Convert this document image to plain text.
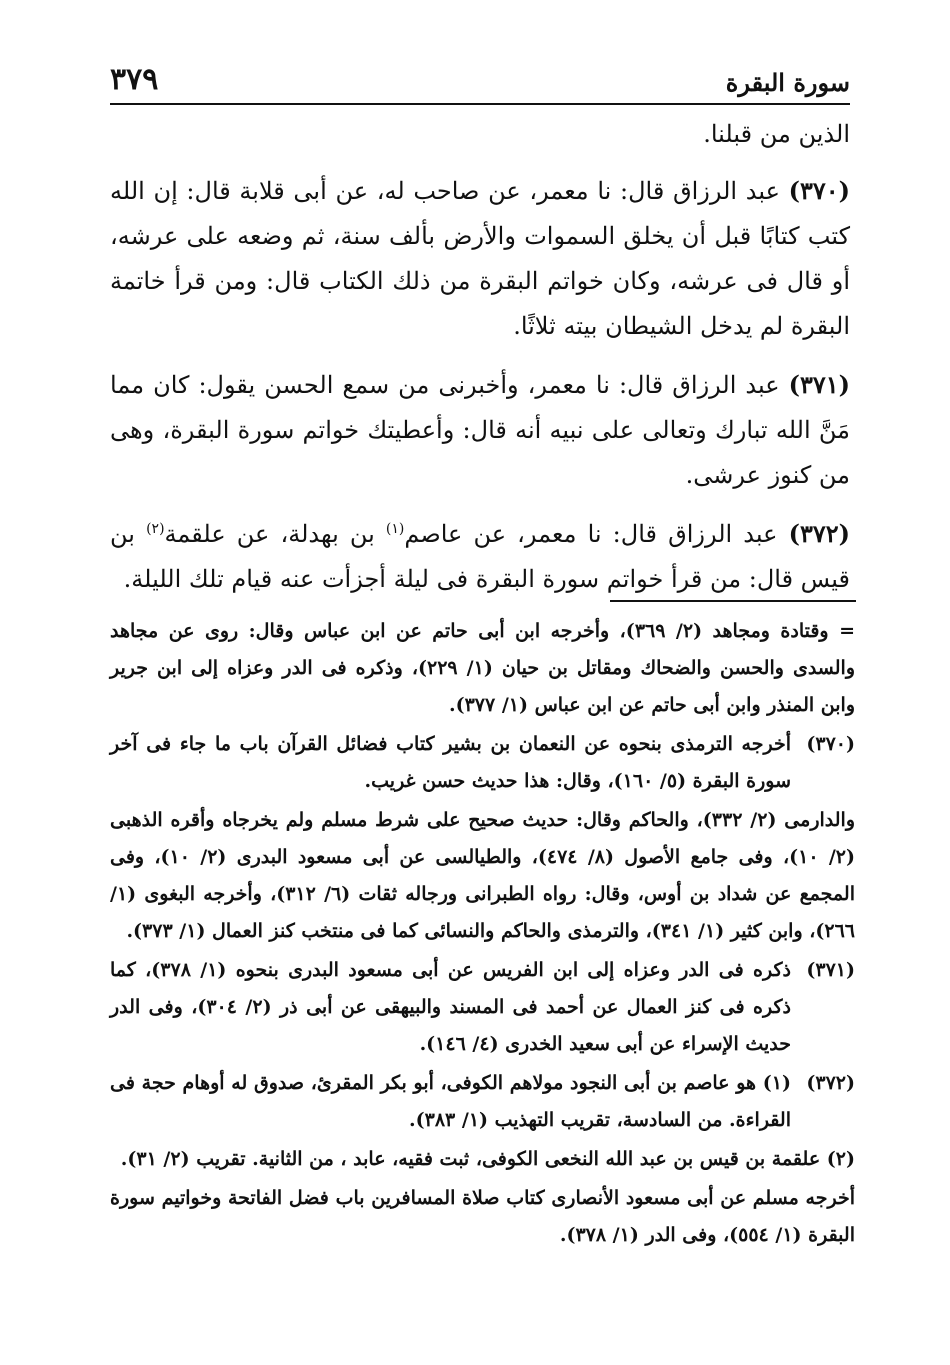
سورة البقرة
٣٧٩

الذين من قبلنا.

(٣٧٠) عبد الرزاق قال: نا معمر، عن صاحب له، عن أبى قلابة قال: إن الله كتب كتابًا قبل أن يخلق السموات والأرض بألف سنة، ثم وضعه على عرشه، أو قال فى عرشه، وكان خواتم البقرة من ذلك الكتاب قال: ومن قرأ خاتمة البقرة لم يدخل الشيطان بيته ثلاثًا.

(٣٧١) عبد الرزاق قال: نا معمر، وأخبرنى من سمع الحسن يقول: كان مما مَنَّ الله تبارك وتعالى على نبيه أنه قال: وأعطيتك خواتم سورة البقرة، وهى من كنوز عرشى.

(٣٧٢) عبد الرزاق قال: نا معمر، عن عاصم$^{(١)}$ بن بهدلة، عن علقمة$^{(٢)}$ بن قيس قال: من قرأ خواتم سورة البقرة فى ليلة أجزأت عنه قيام تلك الليلة.

= وقتادة ومجاهد (٢/ ٣٦٩)، وأخرجه ابن أبى حاتم عن ابن عباس وقال: روى عن مجاهد والسدى والحسن والضحاك ومقاتل بن حيان (١/ ٢٢٩)، وذكره فى الدر وعزاه إلى ابن جرير وابن المنذر وابن أبى حاتم عن ابن عباس (١/ ٣٧٧).
(٣٧٠)
أخرجه الترمذى بنحوه عن النعمان بن بشير كتاب فضائل القرآن باب ما جاء فى آخر سورة البقرة (٥/ ١٦٠)، وقال: هذا حديث حسن غريب.
والدارمى (٢/ ٣٣٢)، والحاكم وقال: حديث صحيح على شرط مسلم ولم يخرجاه وأقره الذهبى (٢/ ١٠)، وفى جامع الأصول (٨/ ٤٧٤)، والطيالسى عن أبى مسعود البدرى (٢/ ١٠)، وفى المجمع عن شداد بن أوس، وقال: رواه الطبرانى ورجاله ثقات (٦/ ٣١٢)، وأخرجه البغوى (١/ ٢٦٦)، وابن كثير (١/ ٣٤١)، والترمذى والحاكم والنسائى كما فى منتخب كنز العمال (١/ ٣٧٣).
(٣٧١)
ذكره فى الدر وعزاه إلى ابن الفريس عن أبى مسعود البدرى بنحوه (١/ ٣٧٨)، كما ذكره فى كنز العمال عن أحمد فى المسند والبيهقى عن أبى ذر (٢/ ٣٠٤)، وفى الدر حديث الإسراء عن أبى سعيد الخدرى (٤/ ١٤٦).
(٣٧٢)
(١) هو عاصم بن أبى النجود مولاهم الكوفى، أبو بكر المقرئ، صدوق له أوهام حجة فى القراءة. من السادسة، تقريب التهذيب (١/ ٣٨٣).
(٢) علقمة بن قيس بن عبد الله النخعى الكوفى، ثبت فقيه، عابد ، من الثانية. تقريب (٢/ ٣١).
أخرجه مسلم عن أبى مسعود الأنصارى كتاب صلاة المسافرين باب فضل الفاتحة وخواتيم سورة البقرة (١/ ٥٥٤)، وفى الدر (١/ ٣٧٨).
